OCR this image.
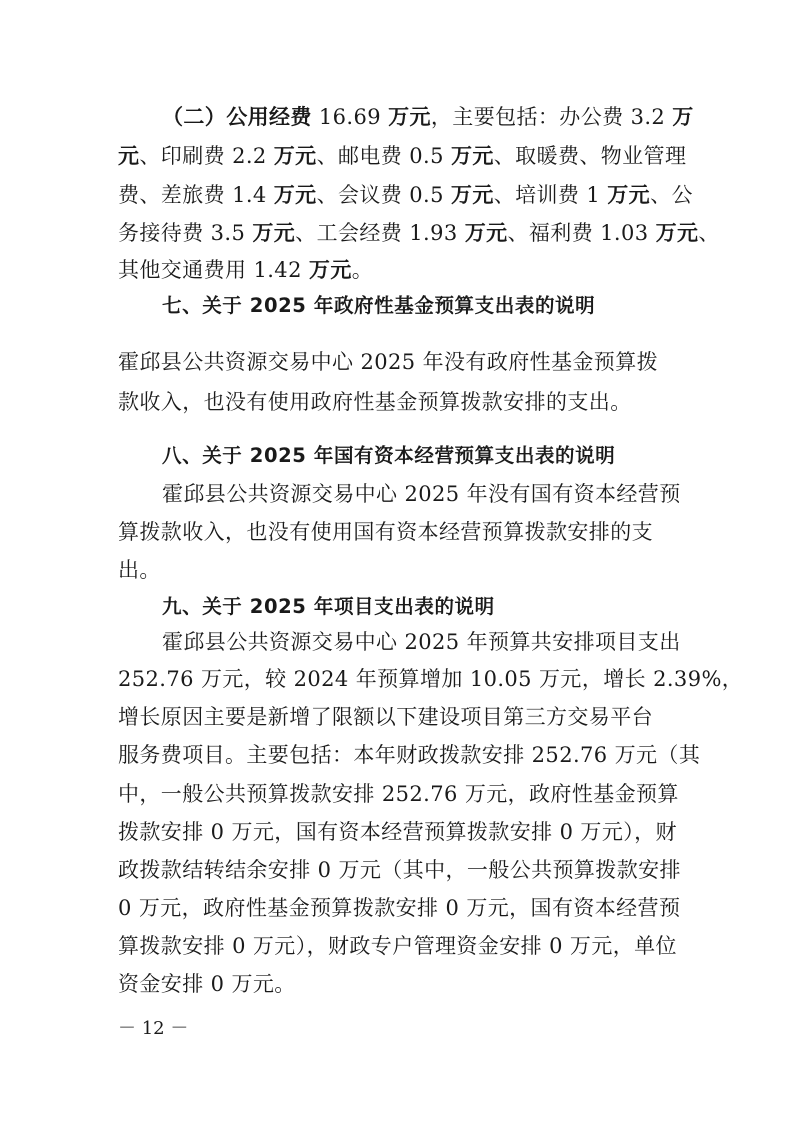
（二）公用经费 16.69 万元，主要包括：办公费 3.2 万
元、印刷费 2.2 万元、邮电费 0.5 万元、取暖费、物业管理
费、差旅费 1.4 万元、会议费 0.5 万元、培训费 1 万元、公
务接待费 3.5 万元、工会经费 1.93 万元、福利费 1.03 万元、
其他交通费用 1.42 万元。
七、关于 2025 年政府性基金预算支出表的说明
霍邱县公共资源交易中心 2025 年没有政府性基金预算拨
款收入，也没有使用政府性基金预算拨款安排的支出。
八、关于 2025 年国有资本经营预算支出表的说明
霍邱县公共资源交易中心 2025 年没有国有资本经营预
算拨款收入，也没有使用国有资本经营预算拨款安排的支
出。
九、关于 2025 年项目支出表的说明
霍邱县公共资源交易中心 2025 年预算共安排项目支出
252.76 万元，较 2024 年预算增加 10.05 万元，增长 2.39%，
增长原因主要是新增了限额以下建设项目第三方交易平台
服务费项目。主要包括：本年财政拨款安排 252.76 万元（其
中，一般公共预算拨款安排 252.76 万元，政府性基金预算
拨款安排 0 万元，国有资本经营预算拨款安排 0 万元），财
政拨款结转结余安排 0 万元（其中，一般公共预算拨款安排
0 万元，政府性基金预算拨款安排 0 万元，国有资本经营预
算拨款安排 0 万元），财政专户管理资金安排 0 万元，单位
资金安排 0 万元。
－ 12 －
